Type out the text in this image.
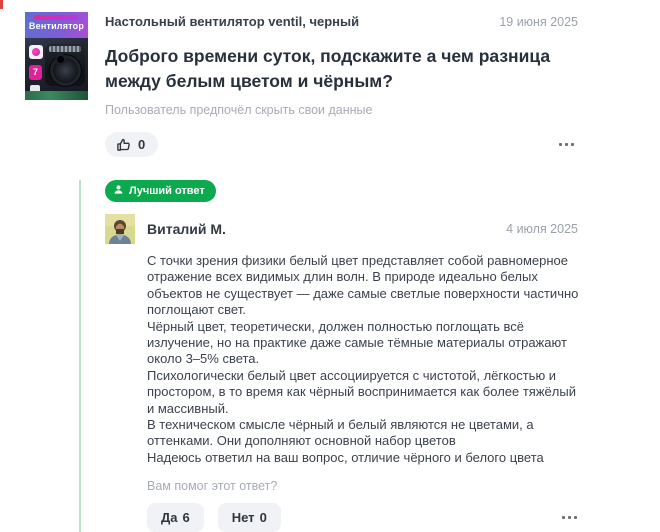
Вентилятор
7
Настольный вентилятор ventil, черный	19 июня 2025
Доброго времени суток, подскажите а чем разница между белым цветом и чёрным?
Пользователь предпочёл скрыть свои данные
0
Лучший ответ
Виталий М.	4 июля 2025

С точки зрения физики белый цвет представляет собой равномерное отражение всех видимых длин волн. В природе идеально белых объектов не существует — даже самые светлые поверхности частично поглощают свет.

Чёрный цвет, теоретически, должен полностью поглощать всё излучение, но на практике даже самые тёмные материалы отражают около 3–5% света.

Психологически белый цвет ассоциируется с чистотой, лёгкостью и простором, в то время как чёрный воспринимается как более тяжёлый и массивный.

В техническом смысле чёрный и белый являются не цветами, а оттенками. Они дополняют основной набор цветов

Надеюсь ответил на ваш вопрос, отличие чёрного и белого цвета

Вам помог этот ответ?
Да 6	Нет 0
